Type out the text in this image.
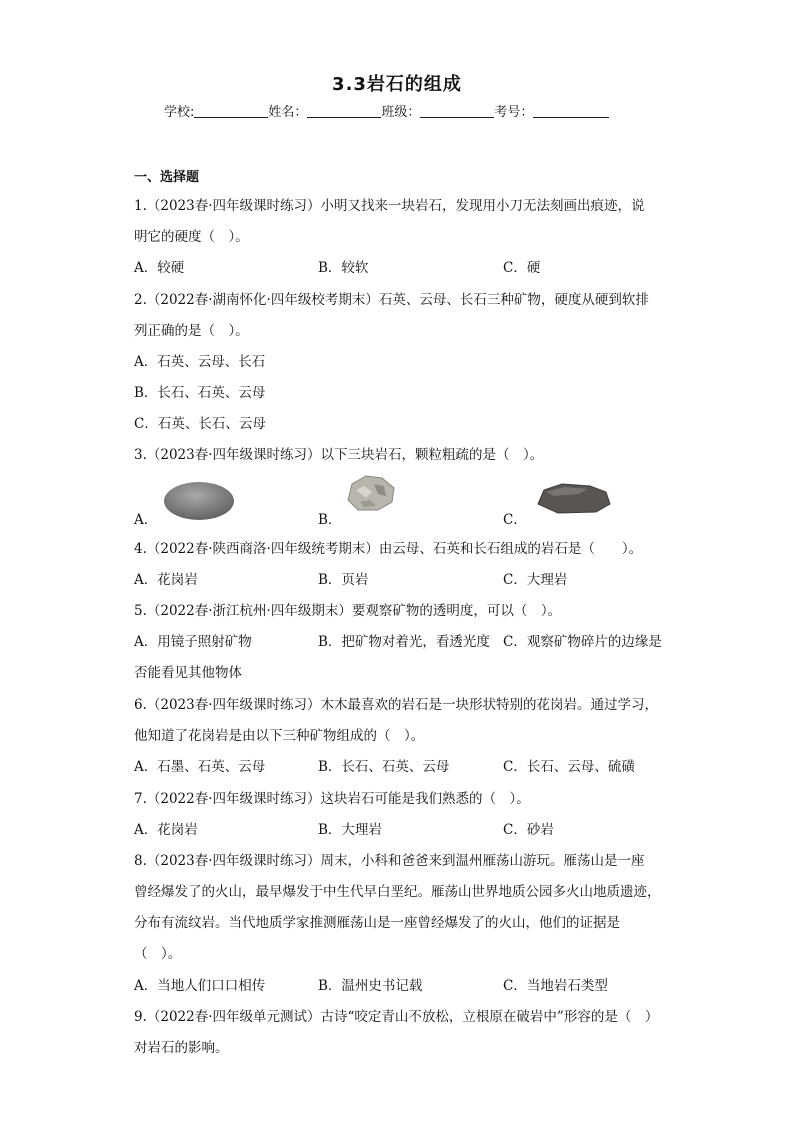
3.3岩石的组成
学校:	姓名：	班级：	考号：
一、选择题
1.（2023春·四年级课时练习）小明又找来一块岩石，发现用小刀无法刻画出痕迹，说
明它的硬度（　）。
A．较硬	B．较软	C．硬
2.（2022春·湖南怀化·四年级校考期末）石英、云母、长石三种矿物，硬度从硬到软排
列正确的是（　）。
A．石英、云母、长石
B．长石、石英、云母
C．石英、长石、云母
3.（2023春·四年级课时练习）以下三块岩石，颗粒粗疏的是（　）。
A．	B．	C．
4.（2022春·陕西商洛·四年级统考期末）由云母、石英和长石组成的岩石是（　　）。
A．花岗岩	B．页岩	C．大理岩
5.（2022春·浙江杭州·四年级期末）要观察矿物的透明度，可以（　）。
A．用镜子照射矿物	B．把矿物对着光，看透光度 C．观察矿物碎片的边缘是
否能看见其他物体
6.（2023春·四年级课时练习）木木最喜欢的岩石是一块形状特别的花岗岩。通过学习，
他知道了花岗岩是由以下三种矿物组成的（　）。
A．石墨、石英、云母	B．长石、石英、云母	C．长石、云母、硫磺
7.（2022春·四年级课时练习）这块岩石可能是我们熟悉的（　）。
A．花岗岩	B．大理岩	C．砂岩
8.（2023春·四年级课时练习）周末，小科和爸爸来到温州雁荡山游玩。雁荡山是一座
曾经爆发了的火山，最早爆发于中生代早白垩纪。雁荡山世界地质公园多火山地质遗迹，
分布有流纹岩。当代地质学家推测雁荡山是一座曾经爆发了的火山，他们的证据是
（　）。
A．当地人们口口相传	B．温州史书记载	C．当地岩石类型
9.（2022春·四年级单元测试）古诗“咬定青山不放松，立根原在破岩中”形容的是（　）
对岩石的影响。
